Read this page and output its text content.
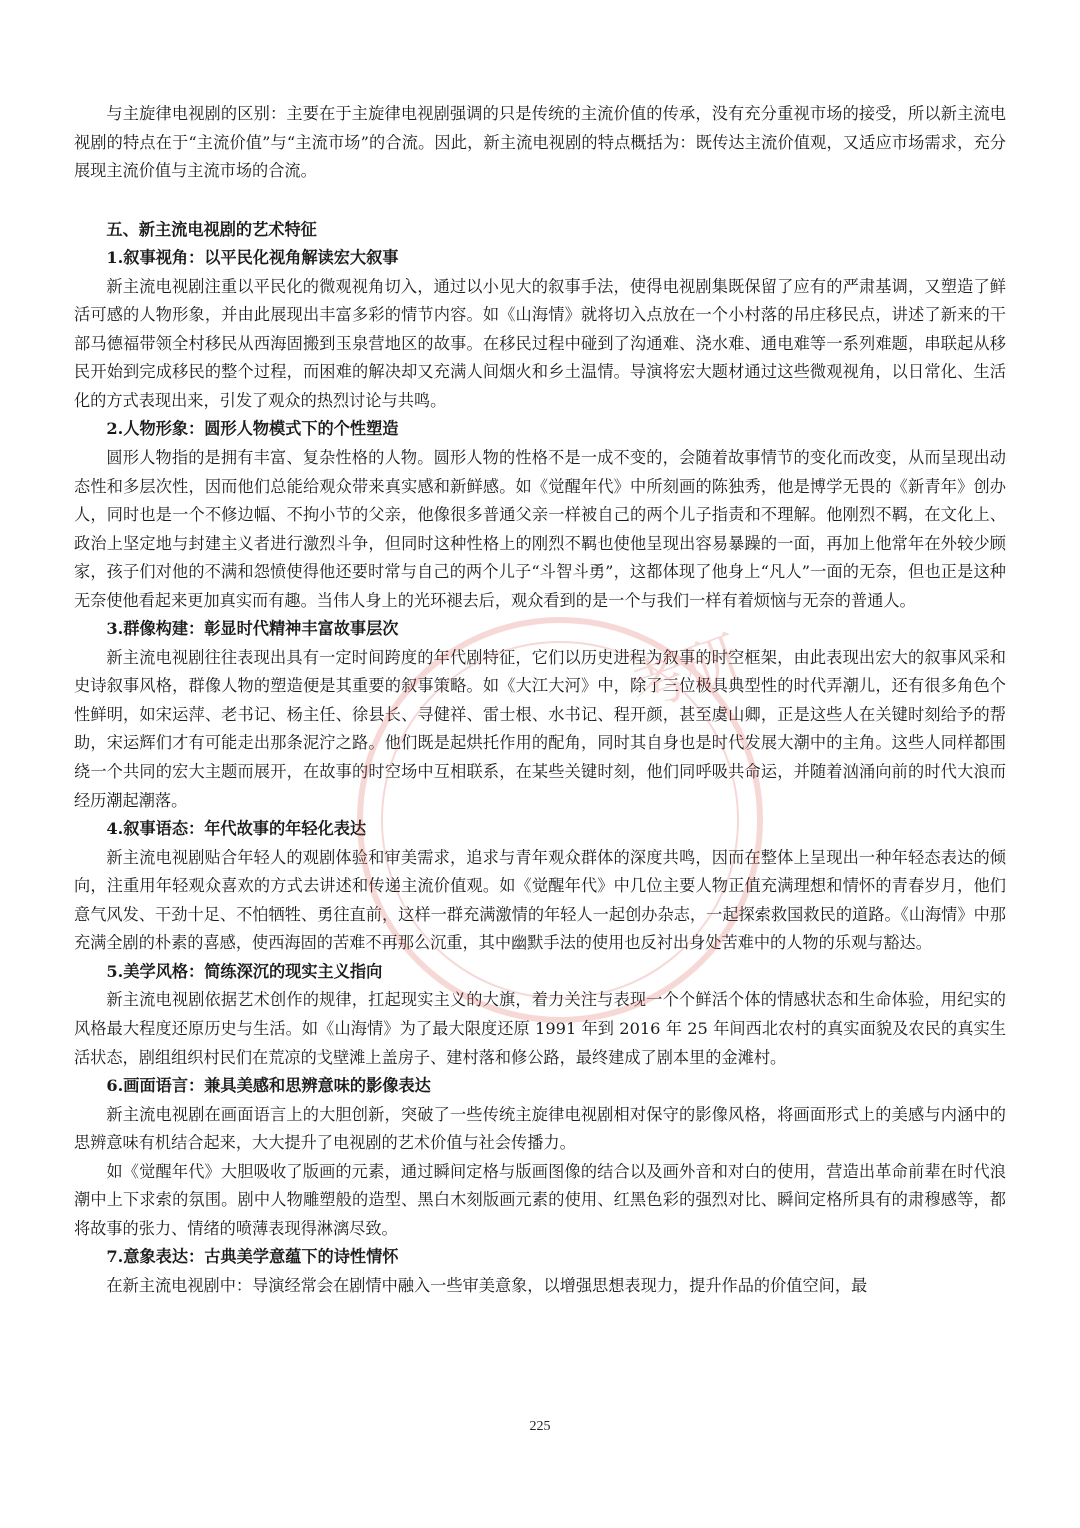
考研

与主旋律电视剧的区别：主要在于主旋律电视剧强调的只是传统的主流价值的传承，没有充分重视市场的接受，所以新主流电视剧的特点在于“主流价值”与“主流市场”的合流。因此，新主流电视剧的特点概括为：既传达主流价值观，又适应市场需求，充分展现主流价值与主流市场的合流。

五、新主流电视剧的艺术特征

1.叙事视角：以平民化视角解读宏大叙事

新主流电视剧注重以平民化的微观视角切入，通过以小见大的叙事手法，使得电视剧集既保留了应有的严肃基调，又塑造了鲜活可感的人物形象，并由此展现出丰富多彩的情节内容。如《山海情》就将切入点放在一个小村落的吊庄移民点，讲述了新来的干部马德福带领全村移民从西海固搬到玉泉营地区的故事。在移民过程中碰到了沟通难、浇水难、通电难等一系列难题，串联起从移民开始到完成移民的整个过程，而困难的解决却又充满人间烟火和乡土温情。导演将宏大题材通过这些微观视角，以日常化、生活化的方式表现出来，引发了观众的热烈讨论与共鸣。

2.人物形象：圆形人物模式下的个性塑造

圆形人物指的是拥有丰富、复杂性格的人物。圆形人物的性格不是一成不变的，会随着故事情节的变化而改变，从而呈现出动态性和多层次性，因而他们总能给观众带来真实感和新鲜感。如《觉醒年代》中所刻画的陈独秀，他是博学无畏的《新青年》创办人，同时也是一个不修边幅、不拘小节的父亲，他像很多普通父亲一样被自己的两个儿子指责和不理解。他刚烈不羁，在文化上、政治上坚定地与封建主义者进行激烈斗争，但同时这种性格上的刚烈不羁也使他呈现出容易暴躁的一面，再加上他常年在外较少顾家，孩子们对他的不满和怨愤使得他还要时常与自己的两个儿子“斗智斗勇”，这都体现了他身上“凡人”一面的无奈，但也正是这种无奈使他看起来更加真实而有趣。当伟人身上的光环褪去后，观众看到的是一个与我们一样有着烦恼与无奈的普通人。

3.群像构建：彰显时代精神丰富故事层次

新主流电视剧往往表现出具有一定时间跨度的年代剧特征，它们以历史进程为叙事的时空框架，由此表现出宏大的叙事风采和史诗叙事风格，群像人物的塑造便是其重要的叙事策略。如《大江大河》中，除了三位极具典型性的时代弄潮儿，还有很多角色个性鲜明，如宋运萍、老书记、杨主任、徐县长、寻健祥、雷士根、水书记、程开颜，甚至虞山卿，正是这些人在关键时刻给予的帮助，宋运辉们才有可能走出那条泥泞之路。他们既是起烘托作用的配角，同时其自身也是时代发展大潮中的主角。这些人同样都围绕一个共同的宏大主题而展开，在故事的时空场中互相联系，在某些关键时刻，他们同呼吸共命运，并随着汹涌向前的时代大浪而经历潮起潮落。

4.叙事语态：年代故事的年轻化表达

新主流电视剧贴合年轻人的观剧体验和审美需求，追求与青年观众群体的深度共鸣，因而在整体上呈现出一种年轻态表达的倾向，注重用年轻观众喜欢的方式去讲述和传递主流价值观。如《觉醒年代》中几位主要人物正值充满理想和情怀的青春岁月，他们意气风发、干劲十足、不怕牺牲、勇往直前，这样一群充满激情的年轻人一起创办杂志，一起探索救国救民的道路。《山海情》中那充满全剧的朴素的喜感，使西海固的苦难不再那么沉重，其中幽默手法的使用也反衬出身处苦难中的人物的乐观与豁达。

5.美学风格：简练深沉的现实主义指向

新主流电视剧依据艺术创作的规律，扛起现实主义的大旗，着力关注与表现一个个鲜活个体的情感状态和生命体验，用纪实的风格最大程度还原历史与生活。如《山海情》为了最大限度还原 1991 年到 2016 年 25 年间西北农村的真实面貌及农民的真实生活状态，剧组组织村民们在荒凉的戈壁滩上盖房子、建村落和修公路，最终建成了剧本里的金滩村。

6.画面语言：兼具美感和思辨意味的影像表达

新主流电视剧在画面语言上的大胆创新，突破了一些传统主旋律电视剧相对保守的影像风格，将画面形式上的美感与内涵中的思辨意味有机结合起来，大大提升了电视剧的艺术价值与社会传播力。

如《觉醒年代》大胆吸收了版画的元素，通过瞬间定格与版画图像的结合以及画外音和对白的使用，营造出革命前辈在时代浪潮中上下求索的氛围。剧中人物雕塑般的造型、黑白木刻版画元素的使用、红黑色彩的强烈对比、瞬间定格所具有的肃穆感等，都将故事的张力、情绪的喷薄表现得淋漓尽致。

7.意象表达：古典美学意蕴下的诗性情怀

在新主流电视剧中：导演经常会在剧情中融入一些审美意象，以增强思想表现力，提升作品的价值空间，最

225
